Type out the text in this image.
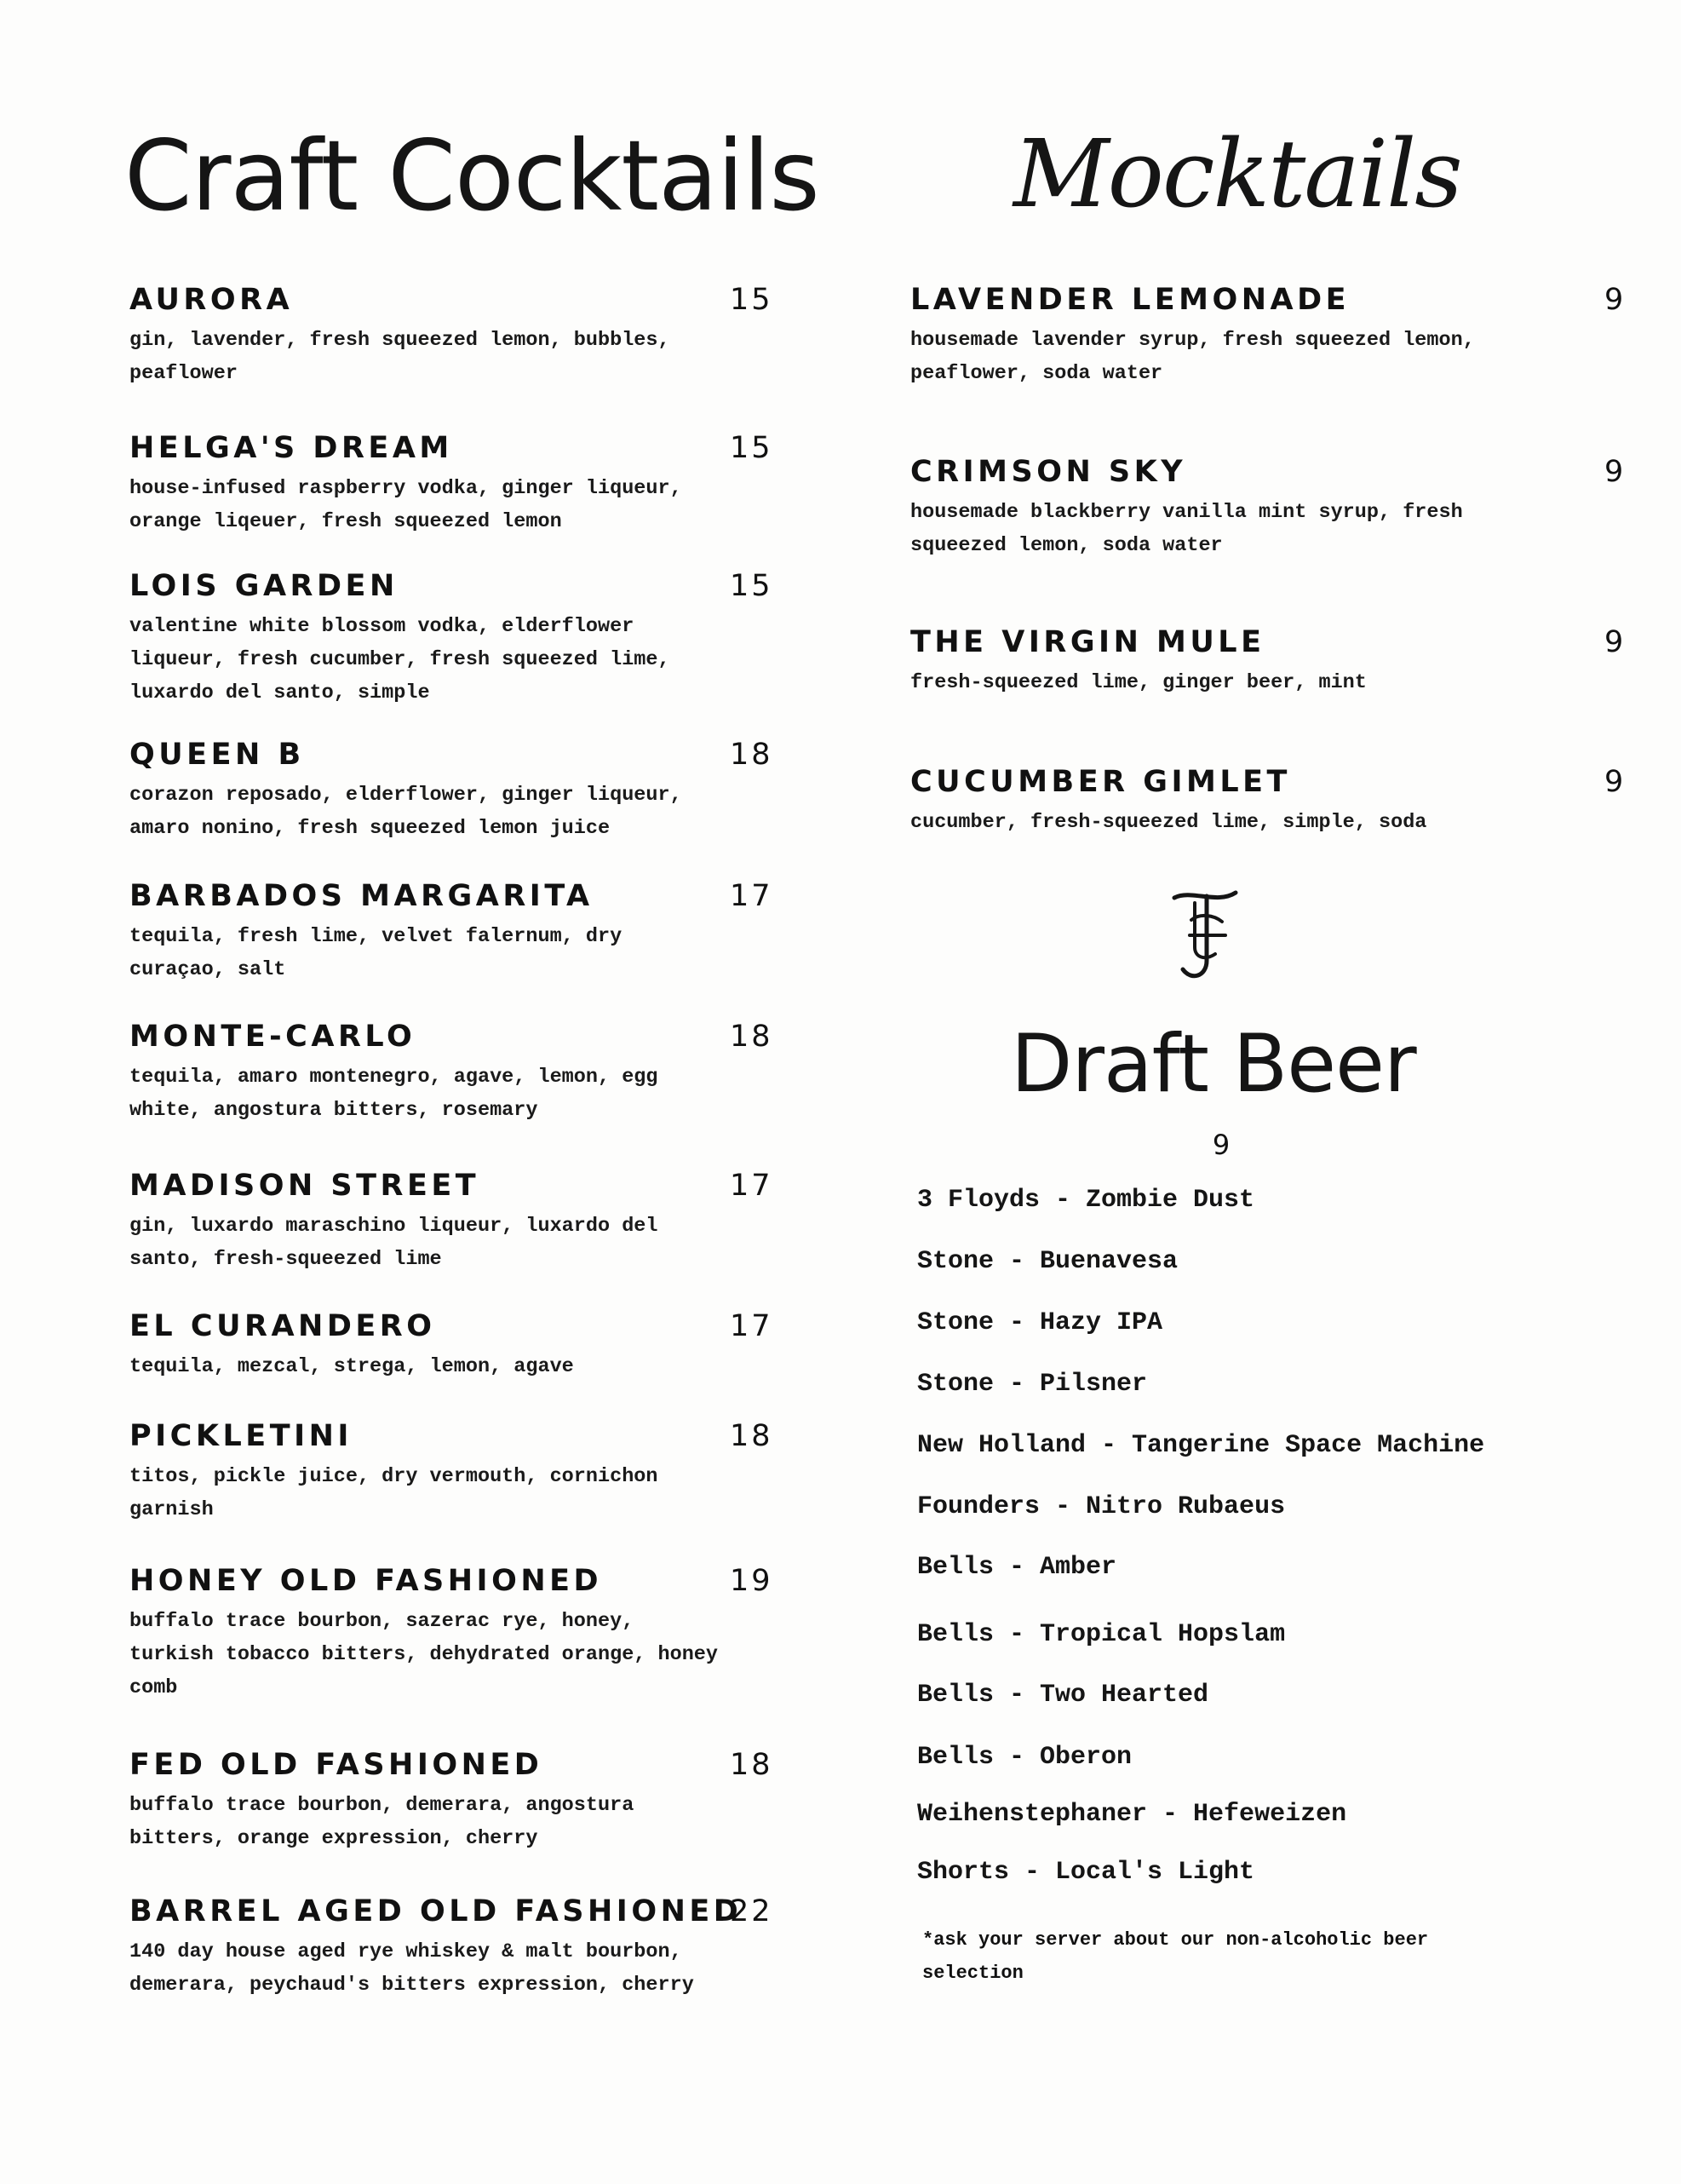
Craft Cocktails
AURORA	15
gin, lavender, fresh squeezed lemon, bubbles, peaflower
HELGA'S DREAM	15
house-infused raspberry vodka, ginger liqueur, orange liqeuer, fresh squeezed lemon
LOIS GARDEN	15
valentine white blossom vodka, elderflower liqueur, fresh cucumber, fresh squeezed lime, luxardo del santo, simple
QUEEN B	18
corazon reposado, elderflower, ginger liqueur, amaro nonino, fresh squeezed lemon juice
BARBADOS MARGARITA	17
tequila, fresh lime, velvet falernum, dry curaçao, salt
MONTE-CARLO	18
tequila, amaro montenegro, agave, lemon, egg white, angostura bitters, rosemary
MADISON STREET	17
gin, luxardo maraschino liqueur, luxardo del santo, fresh-squeezed lime
EL CURANDERO	17
tequila, mezcal, strega, lemon, agave
PICKLETINI	18
titos, pickle juice, dry vermouth, cornichon garnish
HONEY OLD FASHIONED	19
buffalo trace bourbon, sazerac rye, honey, turkish tobacco bitters, dehydrated orange, honey comb
FED OLD FASHIONED	18
buffalo trace bourbon, demerara, angostura bitters, orange expression, cherry
BARREL AGED OLD FASHIONED
22
140 day house aged rye whiskey & malt bourbon, demerara, peychaud's bitters expression, cherry
Mocktails
LAVENDER LEMONADE	9
housemade lavender syrup, fresh squeezed lemon, peaflower, soda water
CRIMSON SKY	9
housemade blackberry vanilla mint syrup, fresh squeezed lemon, soda water
THE VIRGIN MULE	9
fresh-squeezed lime, ginger beer, mint
CUCUMBER GIMLET	9
cucumber, fresh-squeezed lime, simple, soda
Draft Beer
9
3 Floyds - Zombie Dust
Stone - Buenavesa
Stone - Hazy IPA
Stone - Pilsner
New Holland - Tangerine Space Machine
Founders - Nitro Rubaeus
Bells - Amber
Bells - Tropical Hopslam
Bells - Two Hearted
Bells - Oberon
Weihenstephaner - Hefeweizen
Shorts - Local's Light
*ask your server about our non-alcoholic beer selection
